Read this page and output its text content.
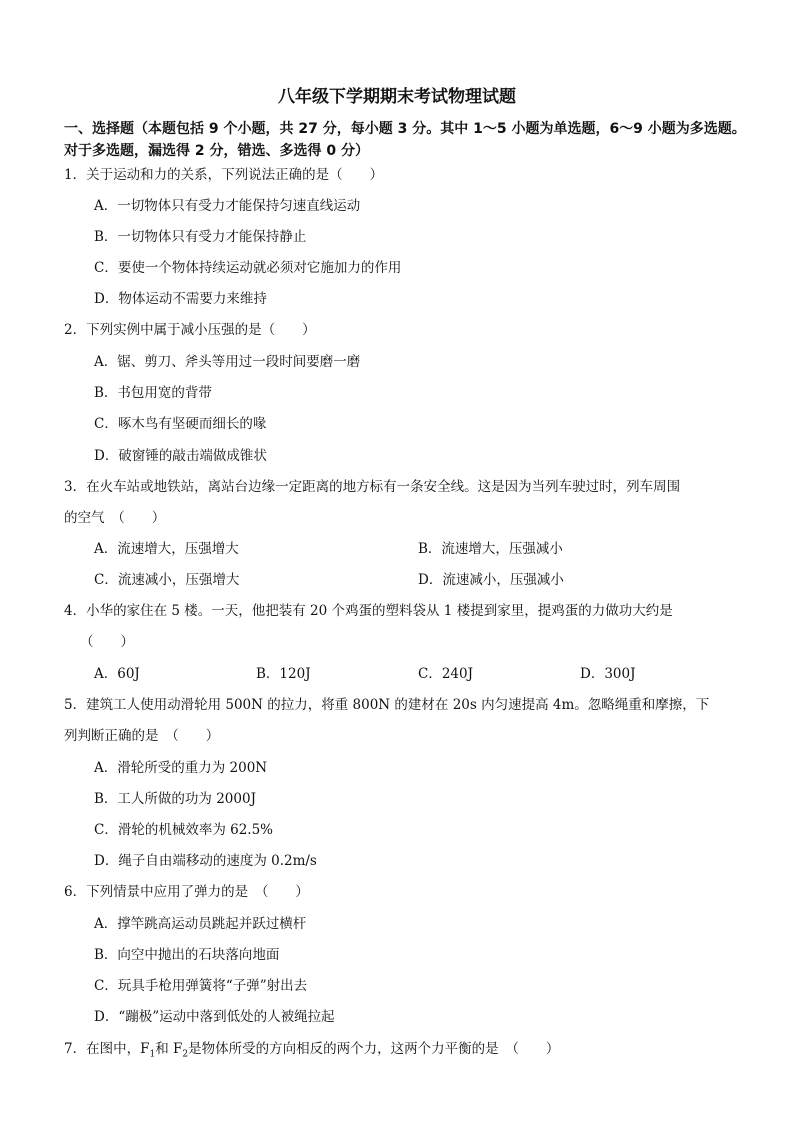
八年级下学期期末考试物理试题
一、选择题（本题包括 9 个小题，共 27 分，每小题 3 分。其中 1～5 小题为单选题，6～9 小题为多选题。对于多选题，漏选得 2 分，错选、多选得 0 分）
1．关于运动和力的关系，下列说法正确的是（　　）
A．一切物体只有受力才能保持匀速直线运动
B．一切物体只有受力才能保持静止
C．要使一个物体持续运动就必须对它施加力的作用
D．物体运动不需要力来维持
2．下列实例中属于减小压强的是（　　）
A．锯、剪刀、斧头等用过一段时间要磨一磨
B．书包用宽的背带
C．啄木鸟有坚硬而细长的喙
D．破窗锤的敲击端做成锥状
3．在火车站或地铁站，离站台边缘一定距离的地方标有一条安全线。这是因为当列车驶过时，列车周围
的空气　（　　）
A．流速增大，压强增大	B．流速增大，压强减小
C．流速减小，压强增大	D．流速减小，压强减小
4．小华的家住在 5 楼。一天，他把装有 20 个鸡蛋的塑料袋从 1 楼提到家里，提鸡蛋的力做功大约是
（　　）
A．60J	B．120J	C．240J	D．300J
5．建筑工人使用动滑轮用 500N 的拉力，将重 800N 的建材在 20s 内匀速提高 4m。忽略绳重和摩擦，下
列判断正确的是　（　　）
A．滑轮所受的重力为 200N
B．工人所做的功为 2000J
C．滑轮的机械效率为 62.5%
D．绳子自由端移动的速度为 0.2m/s
6．下列情景中应用了弹力的是　（　　）
A．撑竿跳高运动员跳起并跃过横杆
B．向空中抛出的石块落向地面
C．玩具手枪用弹簧将“子弹”射出去
D．“蹦极”运动中落到低处的人被绳拉起
7．在图中，$F_1$和 $F_2$是物体所受的方向相反的两个力，这两个力平衡的是　（　　）
